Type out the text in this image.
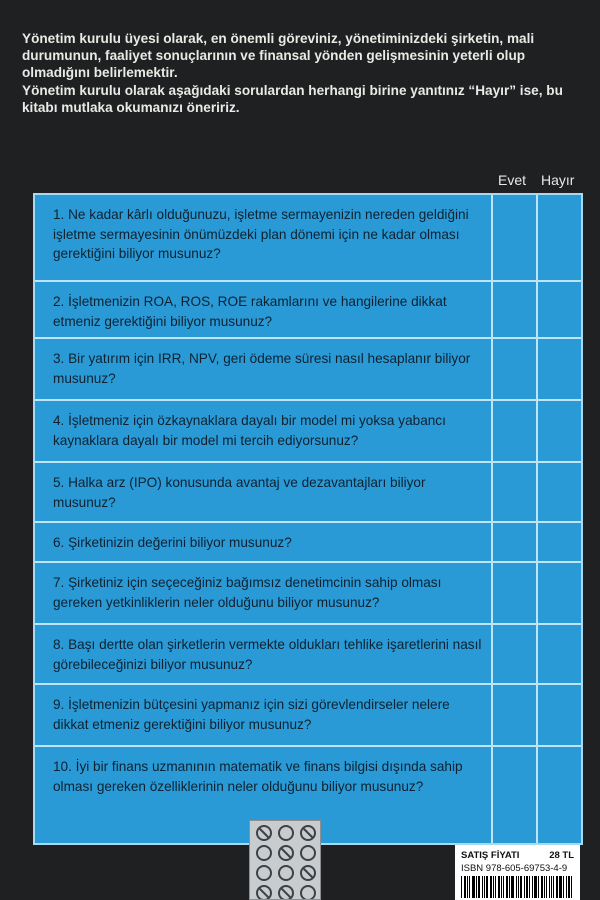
Yönetim kurulu üyesi olarak, en önemli göreviniz, yönetiminizdeki şirketin, mali durumunun, faaliyet sonuçlarının ve finansal yönden gelişmesinin yeterli olup olmadığını belirlemektir.

Yönetim kurulu olarak aşağıdaki sorulardan herhangi birine yanıtınız “Hayır” ise, bu kitabı mutlaka okumanızı öneririz.

Evet Hayır
1. Ne kadar kârlı olduğunuzu, işletme sermayenizin nereden geldiğini işletme sermayesinin önümüzdeki plan dönemi için ne kadar olması gerektiğini biliyor musunuz?
2. İşletmenizin ROA, ROS, ROE rakamlarını ve hangilerine dikkat etmeniz gerektiğini biliyor musunuz?
3. Bir yatırım için IRR, NPV, geri ödeme süresi nasıl hesaplanır biliyor musunuz?
4. İşletmeniz için özkaynaklara dayalı bir model mi yoksa yabancı kaynaklara dayalı bir model mi tercih ediyorsunuz?
5. Halka arz (IPO) konusunda avantaj ve dezavantajları biliyor musunuz?
6. Şirketinizin değerini biliyor musunuz?
7. Şirketiniz için seçeceğiniz bağımsız denetimcinin sahip olması gereken yetkinliklerin neler olduğunu biliyor musunuz?
8. Başı dertte olan şirketlerin vermekte oldukları tehlike işaretlerini nasıl görebileceğinizi biliyor musunuz?
9. İşletmenizin bütçesini yapmanız için sizi görevlendirseler nelere dikkat etmeniz gerektiğini biliyor musunuz?
10. İyi bir finans uzmanının matematik ve finans bilgisi dışında sahip olması gereken özelliklerinin neler olduğunu biliyor musunuz?
SATIŞ FİYATI	28 TL
ISBN 978-605-69753-4-9
